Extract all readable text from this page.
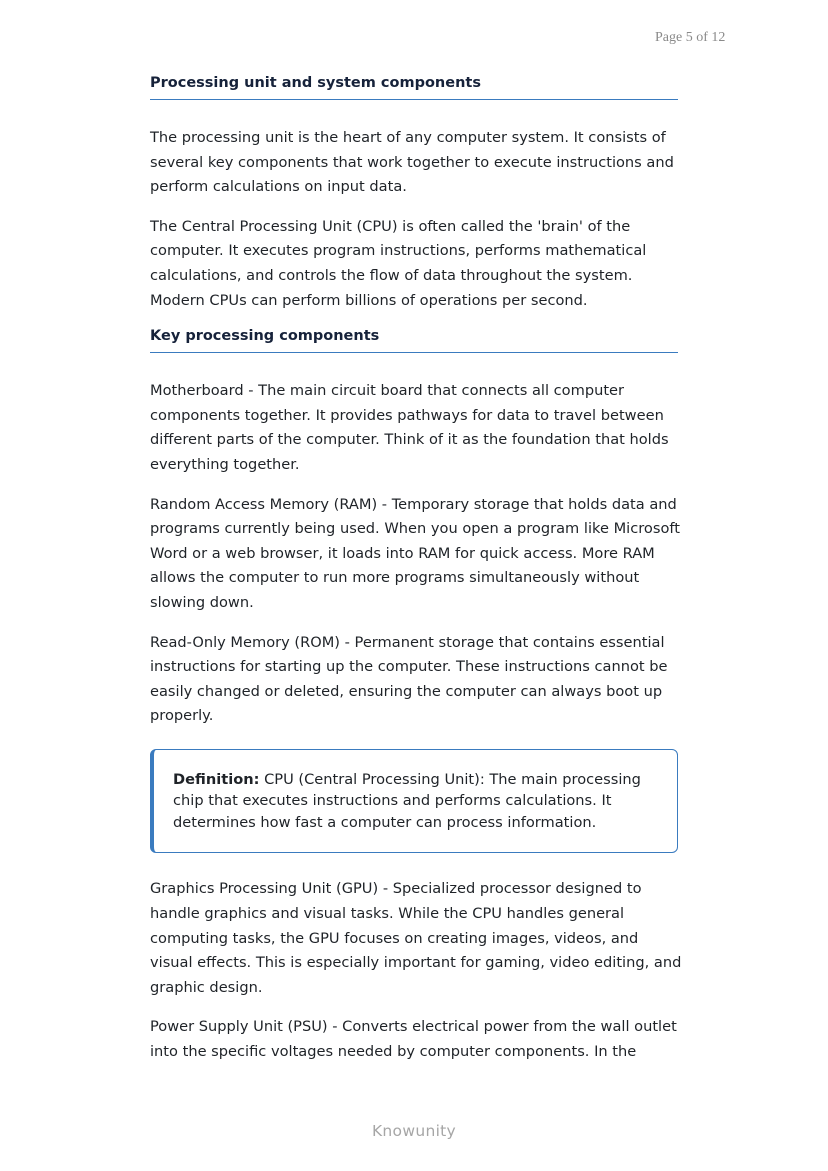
Page 5 of 12
Processing unit and system components

The processing unit is the heart of any computer system. It consists of
several key components that work together to execute instructions and
perform calculations on input data.

The Central Processing Unit (CPU) is often called the 'brain' of the
computer. It executes program instructions, performs mathematical
calculations, and controls the flow of data throughout the system.
Modern CPUs can perform billions of operations per second.

Key processing components

Motherboard - The main circuit board that connects all computer
components together. It provides pathways for data to travel between
different parts of the computer. Think of it as the foundation that holds
everything together.

Random Access Memory (RAM) - Temporary storage that holds data and
programs currently being used. When you open a program like Microsoft
Word or a web browser, it loads into RAM for quick access. More RAM
allows the computer to run more programs simultaneously without
slowing down.

Read-Only Memory (ROM) - Permanent storage that contains essential
instructions for starting up the computer. These instructions cannot be
easily changed or deleted, ensuring the computer can always boot up
properly.

Definition: CPU (Central Processing Unit): The main processing
chip that executes instructions and performs calculations. It
determines how fast a computer can process information.

Graphics Processing Unit (GPU) - Specialized processor designed to
handle graphics and visual tasks. While the CPU handles general
computing tasks, the GPU focuses on creating images, videos, and
visual effects. This is especially important for gaming, video editing, and
graphic design.

Power Supply Unit (PSU) - Converts electrical power from the wall outlet
into the specific voltages needed by computer components. In the

Knowunity
